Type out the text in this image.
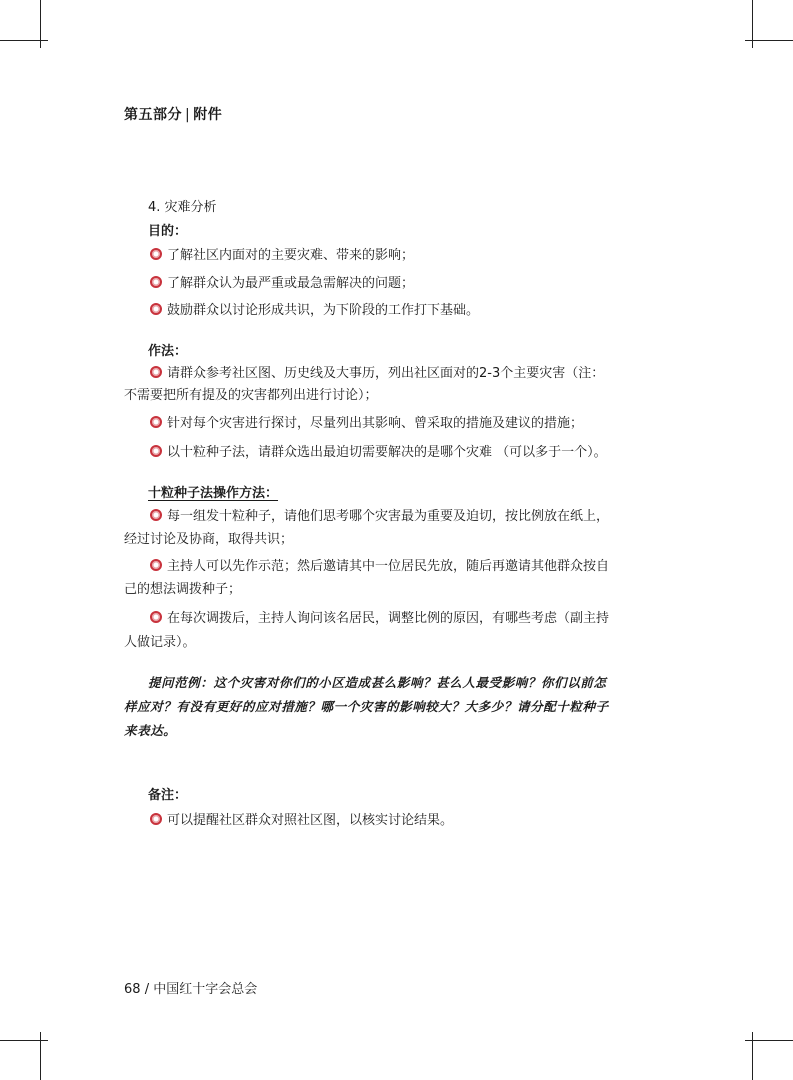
第五部分 | 附件
4. 灾难分析
目的：
了解社区内面对的主要灾难、带来的影响；
了解群众认为最严重或最急需解决的问题；
鼓励群众以讨论形成共识，为下阶段的工作打下基础。
作法：
请群众参考社区图、历史线及大事历，列出社区面对的2-3个主要灾害（注：
不需要把所有提及的灾害都列出进行讨论）；
针对每个灾害进行探讨，尽量列出其影响、曾采取的措施及建议的措施；
以十粒种子法，请群众选出最迫切需要解决的是哪个灾难 （可以多于一个）。
十粒种子法操作方法：
每一组发十粒种子，请他们思考哪个灾害最为重要及迫切，按比例放在纸上，
经过讨论及协商，取得共识；
主持人可以先作示范；然后邀请其中一位居民先放，随后再邀请其他群众按自
己的想法调拨种子；
在每次调拨后，主持人询问该名居民，调整比例的原因，有哪些考虑（副主持
人做记录）。
提问范例：这个灾害对你们的小区造成甚么影响？甚么人最受影响？你们以前怎
样应对？有没有更好的应对措施？哪一个灾害的影响较大？大多少？请分配十粒种子
来表达。
备注：
可以提醒社区群众对照社区图，以核实讨论结果。
68 / 中国红十字会总会
